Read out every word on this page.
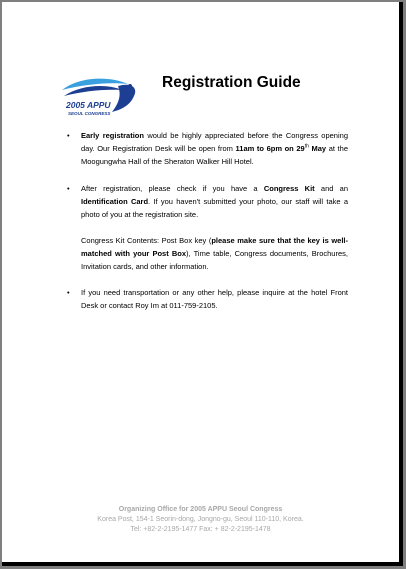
2005 APPU
SEOUL CONGRESS
Registration Guide
• Early registration would be highly appreciated before the Congress opening day. Our Registration Desk will be open from 11am to 6pm on 29th May at the Moogungwha Hall of the Sheraton Walker Hill Hotel.
• After registration, please check if you have a Congress Kit and an Identification Card. If you haven't submitted your photo, our staff will take a photo of you at the registration site.
Congress Kit Contents: Post Box key (please make sure that the key is well-matched with your Post Box), Time table, Congress documents, Brochures, Invitation cards, and other information.
• If you need transportation or any other help, please inquire at the hotel Front Desk or contact Roy Im at 011-759-2105.
Organizing Office for 2005 APPU Seoul Congress
Korea Post, 154-1 Seorin-dong, Jongno-gu, Seoul 110-110, Korea.
Tel: +82-2-2195-1477 Fax: + 82-2-2195-1478
